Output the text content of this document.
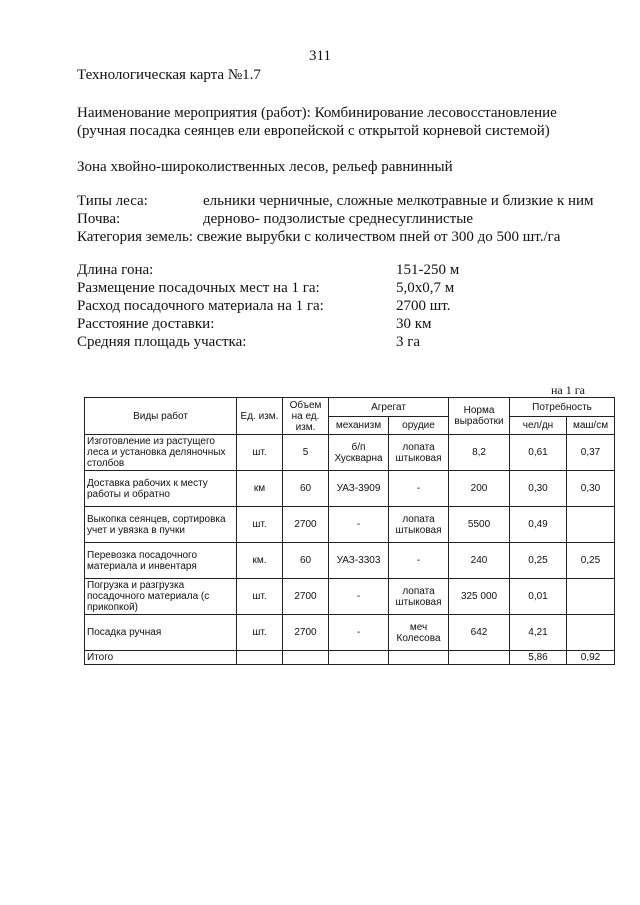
311
Технологическая карта №1.7
Наименование мероприятия (работ): Комбинирование лесовосстановление
(ручная посадка сеянцев ели европейской с открытой корневой системой)
Зона хвойно-широколиственных лесов, рельеф равнинный
Типы леса:	ельники черничные, сложные мелкотравные и близкие к ним
Почва:	дерново- подзолистые среднесуглинистые
Категория земель: свежие вырубки с количеством пней от 300 до 500 шт./га
Длина гона:	151-250 м
Размещение посадочных мест на 1 га:	5,0х0,7 м
Расход посадочного материала на 1 га:	2700 шт.
Расстояние доставки:	30 км
Средняя площадь участка:	3 га
на 1 га
Виды работ	Ед. изм.	Объем на ед. изм.	Агрегат		Норма выработки	Потребность	
			механизм	орудие		чел/дн	маш/см
Изготовление из растущего леса и установка деляночных столбов	шт.	5	б/п Хускварна	лопата штыковая	8,2	0,61	0,37
Доставка рабочих к месту работы и обратно	км	60	УАЗ-3909	-	200	0,30	0,30
Выкопка сеянцев, сортировка учет и увязка в пучки	шт.	2700	-	лопата штыковая	5500	0,49	
Перевозка посадочного материала и инвентаря	км.	60	УАЗ-3303	-	240	0,25	0,25
Погрузка и разгрузка посадочного материала (с прикопкой)	шт.	2700	-	лопата штыковая	325 000	0,01	
Посадка ручная	шт.	2700	-	меч Колесова	642	4,21	
Итого						5,86	0,92
